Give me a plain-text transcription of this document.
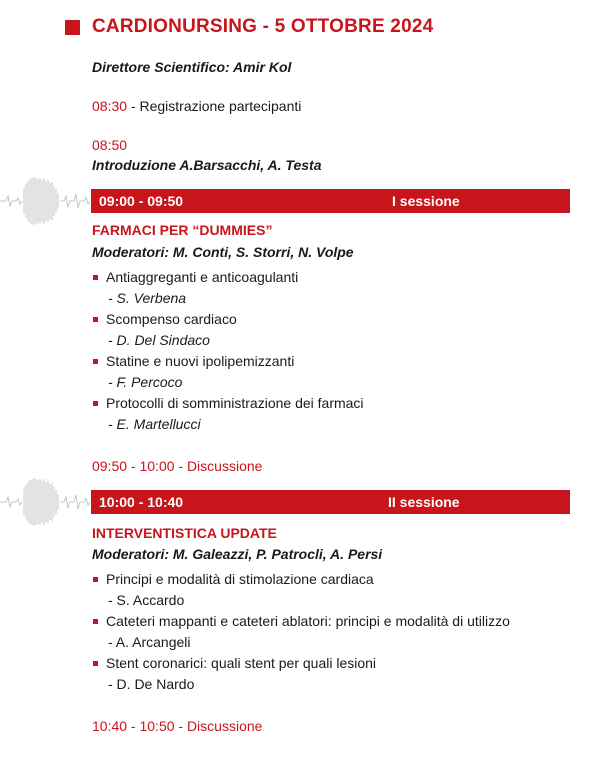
CARDIONURSING - 5 OTTOBRE 2024
Direttore Scientifico: Amir Kol
08:30 - Registrazione partecipanti
08:50
Introduzione A.Barsacchi, A. Testa
09:00 - 09:50	I sessione
FARMACI PER “DUMMIES”
Moderatori: M. Conti, S. Storri, N. Volpe
Antiaggreganti e anticoagulanti
- S. Verbena
Scompenso cardiaco
- D. Del Sindaco
Statine e nuovi ipolipemizzanti
- F. Percoco
Protocolli di somministrazione dei farmaci
- E. Martellucci
09:50 - 10:00 - Discussione
10:00 - 10:40	II sessione
INTERVENTISTICA UPDATE
Moderatori: M. Galeazzi, P. Patrocli, A. Persi
Principi e modalità di stimolazione cardiaca
- S. Accardo
Cateteri mappanti e cateteri ablatori: principi e modalità di utilizzo
- A. Arcangeli
Stent coronarici: quali stent per quali lesioni
- D. De Nardo
10:40 - 10:50 - Discussione
